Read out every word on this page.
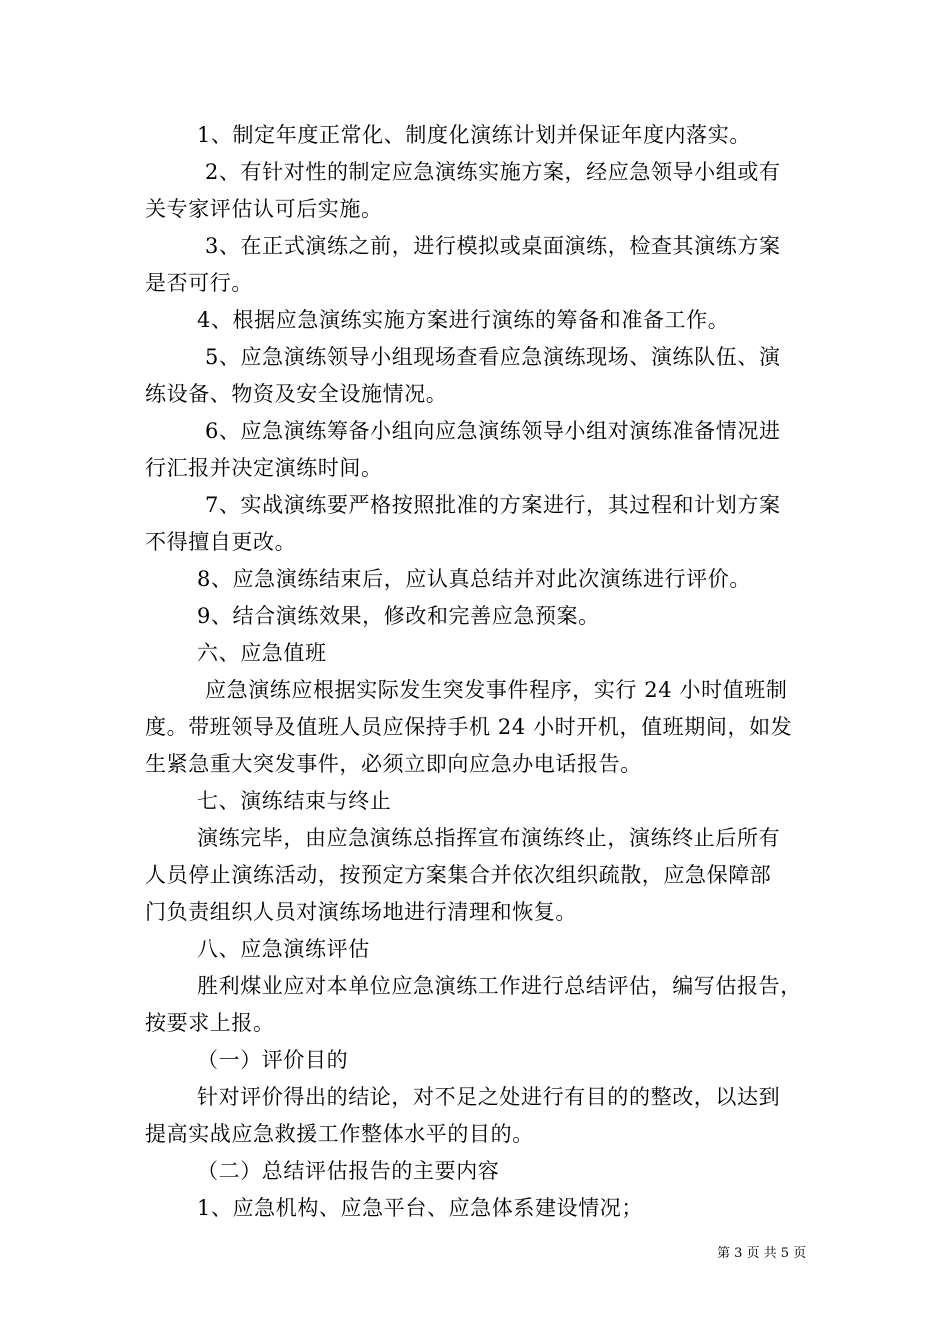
1、制定年度正常化、制度化演练计划并保证年度内落实。
2、有针对性的制定应急演练实施方案，经应急领导小组或有
关专家评估认可后实施。
3、在正式演练之前，进行模拟或桌面演练，检查其演练方案
是否可行。
4、根据应急演练实施方案进行演练的筹备和准备工作。
5、应急演练领导小组现场查看应急演练现场、演练队伍、演
练设备、物资及安全设施情况。
6、应急演练筹备小组向应急演练领导小组对演练准备情况进
行汇报并决定演练时间。
7、实战演练要严格按照批准的方案进行，其过程和计划方案
不得擅自更改。
8、应急演练结束后，应认真总结并对此次演练进行评价。
9、结合演练效果，修改和完善应急预案。
六、应急值班
应急演练应根据实际发生突发事件程序，实行 24 小时值班制
度。带班领导及值班人员应保持手机 24 小时开机，值班期间，如发
生紧急重大突发事件，必须立即向应急办电话报告。
七、演练结束与终止
演练完毕，由应急演练总指挥宣布演练终止，演练终止后所有
人员停止演练活动，按预定方案集合并依次组织疏散，应急保障部
门负责组织人员对演练场地进行清理和恢复。
八、应急演练评估
胜利煤业应对本单位应急演练工作进行总结评估，编写估报告，
按要求上报。
（一）评价目的
针对评价得出的结论，对不足之处进行有目的的整改，以达到
提高实战应急救援工作整体水平的目的。
（二）总结评估报告的主要内容
1、应急机构、应急平台、应急体系建设情况；
第 3 页 共 5 页
